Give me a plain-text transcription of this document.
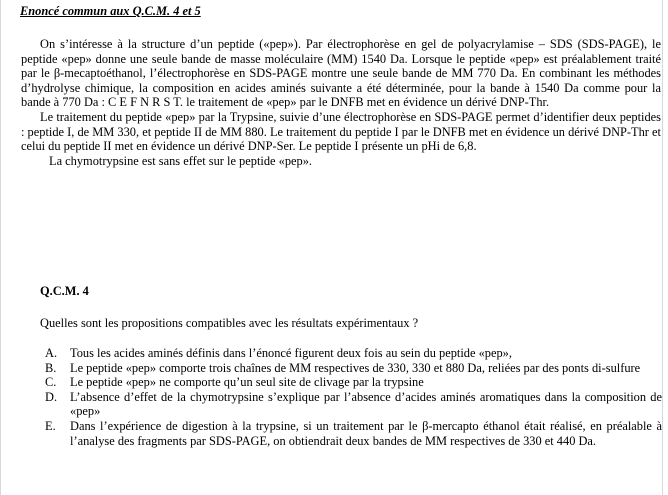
Enoncé commun aux Q.C.M. 4 et 5

On s’intéresse à la structure d’un peptide («pep»). Par électrophorèse en gel de polyacrylamise – SDS (SDS-PAGE), le peptide «pep» donne une seule bande de masse moléculaire (MM) 1540 Da. Lorsque le peptide «pep» est préalablement traité par le β-mecaptoéthanol, l’électrophorèse en SDS-PAGE montre une seule bande de MM 770 Da. En combinant les méthodes d’hydrolyse chimique, la composition en acides aminés suivante a été déterminée, pour la bande à 1540 Da comme pour la bande à 770 Da : C E F N R S T. le traitement de «pep» par le DNFB met en évidence un dérivé DNP-Thr.

Le traitement du peptide «pep» par la Trypsine, suivie d’une électrophorèse en SDS-PAGE permet d’identifier deux peptides : peptide I, de MM 330, et peptide II de MM 880. Le traitement du peptide I par le DNFB met en évidence un dérivé DNP-Thr et celui du peptide II met en évidence un dérivé DNP-Ser. Le peptide I présente un pHi de 6,8.

La chymotrypsine est sans effet sur le peptide «pep».

Q.C.M. 4

Quelles sont les propositions compatibles avec les résultats expérimentaux ?

A. Tous les acides aminés définis dans l’énoncé figurent deux fois au sein du peptide «pep»,
B. Le peptide «pep» comporte trois chaînes de MM respectives de 330, 330 et 880 Da, reliées par des ponts di-sulfure
C. Le peptide «pep» ne comporte qu’un seul site de clivage par la trypsine
D. L’absence d’effet de la chymotrypsine s’explique par l’absence d’acides aminés aromatiques dans la composition de «pep»
E. Dans l’expérience de digestion à la trypsine, si un traitement par le β-mercapto éthanol était réalisé, en préalable à l’analyse des fragments par SDS-PAGE, on obtiendrait deux bandes de MM respectives de 330 et 440 Da.
